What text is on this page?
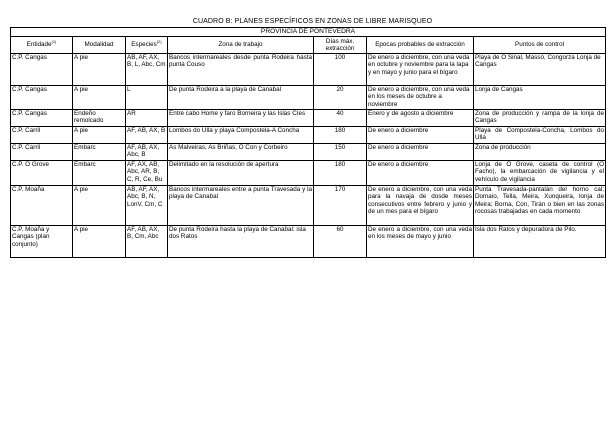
CUADRO B: PLANES ESPECÍFICOS EN ZONAS DE LIBRE MARISQUEO
PROVINCIA DE PONTEVEDRA						
Entidade$^{(1)}$	Modalidad	Especies$^{(2)}$	Zona de trabajo	Días máx. extracción	Epocas probables de extracción	Puntos de control
C.P. Cangas	A pie	AB, AF, AX, B, L, Abc, Cm	Bancos intermareales desde punta Rodeira hasta punta Couso	100	De enero a diciembre, con una veda en octubre y noviembre para la lapa y en mayo y junio para el bígaro	Playa de O Sinal, Massó, Congorza Lonja de Cangas
C.P. Cangas	A pie	L	De punta Rodeira a la playa de Canabal	20	De enero a diciembre, con una veda en los meses de octubre a noviembre	Lonja de Cangas
C.P. Cangas	Endeño remolcado	AR	Entre cabo Home y faro Borneira y las Islas Cíes	40	Enero y de agosto a diciembre	Zona de producción y rampa de la lonja de Cangas
C.P. Carril	A pie	AF, AB, AX, B	Lombos do Ulla y playa Compostela-A Concha	180	De enero a diciembre	Playa de Compostela-Concha, Lombos do Ulla
C.P. Carril	Embarc	AF, AB, AX, Abc, B	As Malveiras, As Briñas, O Con y Corbeiro	150	De enero a diciembre	Zona de producción
C.P. O Grove	Embarc	AF, AX, AB, Abc, AR, B, C, R, Ce, Bu	Delimitado en la resolución de apertura	180	De enero a diciembre	Lonja de O Grove, caseta de control (O Facho), la embarcación de vigilancia y el vehículo de vigilancia
C.P. Moaña	A pie	AB, AF, AX, Abc, B, N, LonV, Cm, C	Bancos intermareales entre a punta Travesada y la playa de Canabal	170	De enero a diciembre, con una veda para la navaja de dosde meses consecutivos entre febrero y junio y de un mes para el bígaro	Punta Travesada-pantalán del horno cal; Domaio, Tella, Meira, Xunqueira, lonja de Meira; Borna, Con, Tirán o bien en las zonas rocosas trabajadas en cada momento
C.P. Moaña y Cangas (plan conjunto)	A pie	AF, AB, AX, B, Cm, Abc	De punta Rodeira hasta la playa de Canabal: isla dos Ratos	60	De enero a diciembre, con una veda en los meses de mayo y junio	Isla dos Ratos y depuradora de Pilo.
